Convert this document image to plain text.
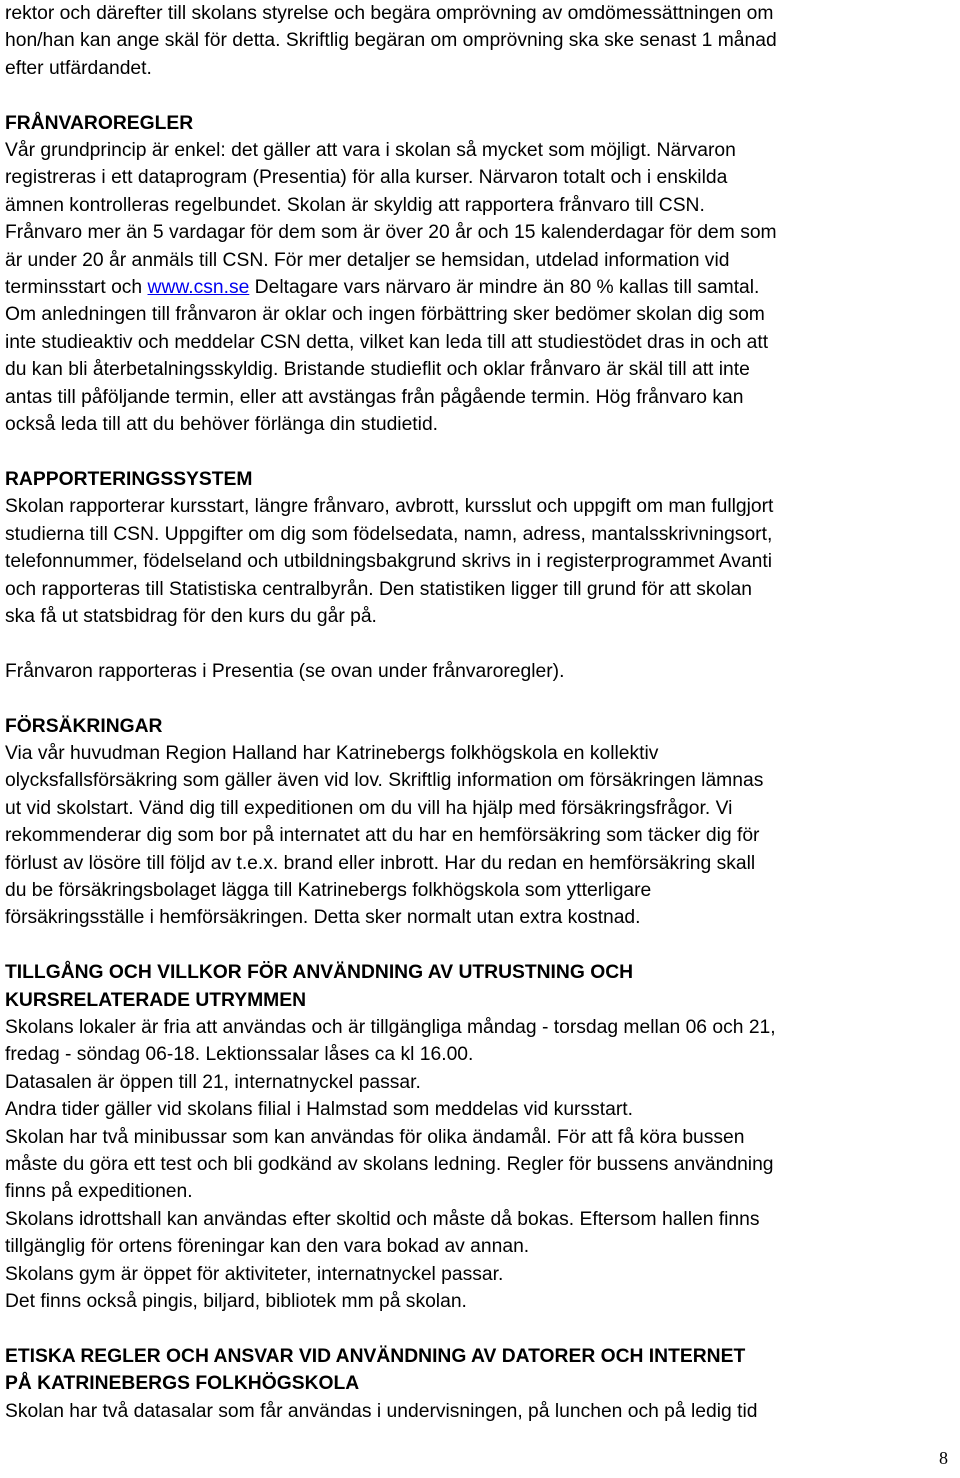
rektor och därefter till skolans styrelse och begära omprövning av omdömessättningen om
hon/han kan ange skäl för detta. Skriftlig begäran om omprövning ska ske senast 1 månad
efter utfärdandet.

FRÅNVAROREGLER

Vår grundprincip är enkel: det gäller att vara i skolan så mycket som möjligt. Närvaron
registreras i ett dataprogram (Presentia) för alla kurser. Närvaron totalt och i enskilda
ämnen kontrolleras regelbundet. Skolan är skyldig att rapportera frånvaro till CSN.
Frånvaro mer än 5 vardagar för dem som är över 20 år och 15 kalenderdagar för dem som
är under 20 år anmäls till CSN. För mer detaljer se hemsidan, utdelad information vid
terminsstart och www.csn.se Deltagare vars närvaro är mindre än 80 % kallas till samtal.
Om anledningen till frånvaron är oklar och ingen förbättring sker bedömer skolan dig som
inte studieaktiv och meddelar CSN detta, vilket kan leda till att studiestödet dras in och att
du kan bli återbetalningsskyldig. Bristande studieflit och oklar frånvaro är skäl till att inte
antas till påföljande termin, eller att avstängas från pågående termin. Hög frånvaro kan
också leda till att du behöver förlänga din studietid.

RAPPORTERINGSSYSTEM

Skolan rapporterar kursstart, längre frånvaro, avbrott, kursslut och uppgift om man fullgjort
studierna till CSN. Uppgifter om dig som födelsedata, namn, adress, mantalsskrivningsort,
telefonnummer, födelseland och utbildningsbakgrund skrivs in i registerprogrammet Avanti
och rapporteras till Statistiska centralbyrån. Den statistiken ligger till grund för att skolan
ska få ut statsbidrag för den kurs du går på.

Frånvaron rapporteras i Presentia (se ovan under frånvaroregler).

FÖRSÄKRINGAR

Via vår huvudman Region Halland har Katrinebergs folkhögskola en kollektiv
olycksfallsförsäkring som gäller även vid lov. Skriftlig information om försäkringen lämnas
ut vid skolstart. Vänd dig till expeditionen om du vill ha hjälp med försäkringsfrågor. Vi
rekommenderar dig som bor på internatet att du har en hemförsäkring som täcker dig för
förlust av lösöre till följd av t.e.x. brand eller inbrott. Har du redan en hemförsäkring skall
du be försäkringsbolaget lägga till Katrinebergs folkhögskola som ytterligare
försäkringsställe i hemförsäkringen. Detta sker normalt utan extra kostnad.

TILLGÅNG OCH VILLKOR FÖR ANVÄNDNING AV UTRUSTNING OCH
KURSRELATERADE UTRYMMEN

Skolans lokaler är fria att användas och är tillgängliga måndag - torsdag mellan 06 och 21,
fredag - söndag 06-18. Lektionssalar låses ca kl 16.00.
Datasalen är öppen till 21, internatnyckel passar.
Andra tider gäller vid skolans filial i Halmstad som meddelas vid kursstart.
Skolan har två minibussar som kan användas för olika ändamål. För att få köra bussen
måste du göra ett test och bli godkänd av skolans ledning. Regler för bussens användning
finns på expeditionen.
Skolans idrottshall kan användas efter skoltid och måste då bokas. Eftersom hallen finns
tillgänglig för ortens föreningar kan den vara bokad av annan.
Skolans gym är öppet för aktiviteter, internatnyckel passar.
Det finns också pingis, biljard, bibliotek mm på skolan.

ETISKA REGLER OCH ANSVAR VID ANVÄNDNING AV DATORER OCH INTERNET
PÅ KATRINEBERGS FOLKHÖGSKOLA

Skolan har två datasalar som får användas i undervisningen, på lunchen och på ledig tid

8
